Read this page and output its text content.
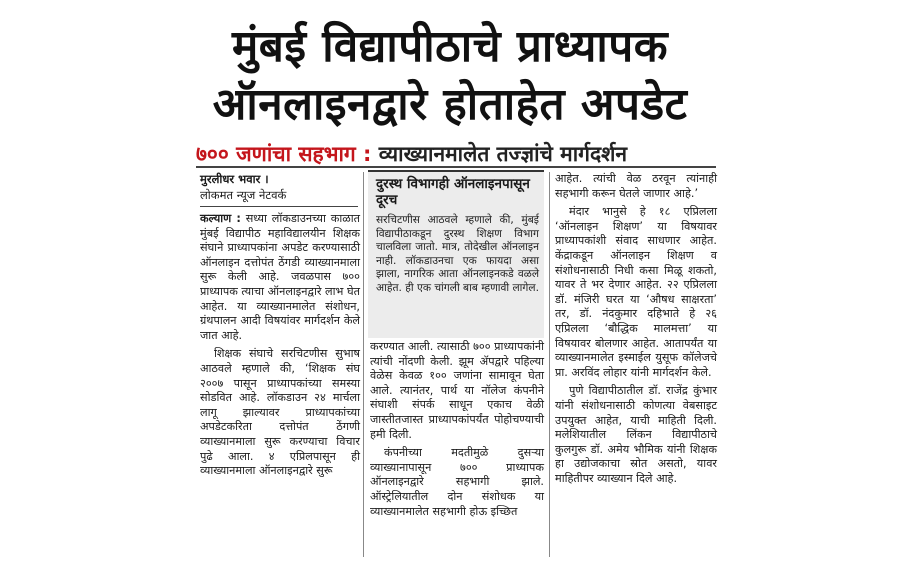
मुंबई विद्यापीठाचे प्राध्यापक
ऑनलाइनद्वारे होताहेत अपडेट
७०० जणांचा सहभाग : व्याख्यानमालेत तज्ज्ञांचे मार्गदर्शन
मुरलीधर भवार ।
लोकमत न्यूज नेटवर्क

कल्याण : सध्या लॉकडाउनच्या काळात मुंबई विद्यापीठ महाविद्यालयीन शिक्षक संघाने प्राध्यापकांना अपडेट करण्यासाठी ऑनलाइन दत्तोपंत ठेंगडी व्याख्यानमाला सुरू केली आहे. जवळपास ७०० प्राध्यापक त्याचा ऑनलाइनद्वारे लाभ घेत आहेत. या व्याख्यानमालेत संशोधन, ग्रंथपालन आदी विषयांवर मार्गदर्शन केले जात आहे.

शिक्षक संघाचे सरचिटणीस सुभाष आठवले म्हणाले की, ‘शिक्षक संघ २००७ पासून प्राध्यापकांच्या समस्या सोडवित आहे. लॉकडाउन २४ मार्चला लागू झाल्यावर प्राध्यापकांच्या अपडेटकरिता दत्तोपंत ठेंगणी व्याख्यानमाला सुरू करण्याचा विचार पुढे आला. ४ एप्रिलपासून ही व्याख्यानमाला ऑनलाइनद्वारे सुरू

दुरस्थ विभागही ऑनलाइनपासून दूरच
सरचिटणीस आठवले म्हणाले की, मुंबई विद्यापीठाकडून दुरस्थ शिक्षण विभाग चालविला जातो. मात्र, तोदेखील ऑनलाइन नाही. लॉकडाउनचा एक फायदा असा झाला, नागरिक आता ऑनलाइनकडे वळले आहेत. ही एक चांगली बाब म्हणावी लागेल.

करण्यात आली. त्यासाठी ७०० प्राध्यापकांनी त्यांची नोंदणी केली. झूम ॲपद्वारे पहिल्या वेळेस केवळ १०० जणांना सामावून घेता आले. त्यानंतर, पार्थ या नॉलेज कंपनीने संघाशी संपर्क साधून एकाच वेळी जास्तीतजास्त प्राध्यापकांपर्यंत पोहोचण्याची हमी दिली.

कंपनीच्या मदतीमुळे दुसऱ्या व्याख्यानापासून ७०० प्राध्यापक ऑनलाइनद्वारे सहभागी झाले. ऑस्ट्रेलियातील दोन संशोधक या व्याख्यानमालेत सहभागी होऊ इच्छित

आहेत. त्यांची वेळ ठरवून त्यांनाही सहभागी करून घेतले जाणार आहे.’

मंदार भानुसे हे १८ एप्रिलला ‘ऑनलाइन शिक्षण’ या विषयावर प्राध्यापकांशी संवाद साधणार आहेत. केंद्राकडून ऑनलाइन शिक्षण व संशोधनासाठी निधी कसा मिळू शकतो, यावर ते भर देणार आहेत. २२ एप्रिलला डॉ. मंजिरी घरत या ‘औषध साक्षरता’ तर, डॉ. नंदकुमार दहिभाते हे २६ एप्रिलला ‘बौद्धिक मालमत्ता’ या विषयावर बोलणार आहेत. आतापर्यंत या व्याख्यानमालेत इस्माईल युसूफ कॉलेजचे प्रा. अरविंद लोहार यांनी मार्गदर्शन केले.

पुणे विद्यापीठातील डॉ. राजेंद्र कुंभार यांनी संशोधनासाठी कोणत्या वेबसाइट उपयुक्त आहेत, याची माहिती दिली. मलेशियातील लिंकन विद्यापीठाचे कुलगुरू डॉ. अमेय भौमिक यांनी शिक्षक हा उद्योजकाचा स्रोत असतो, यावर माहितीपर व्याख्यान दिले आहे.
